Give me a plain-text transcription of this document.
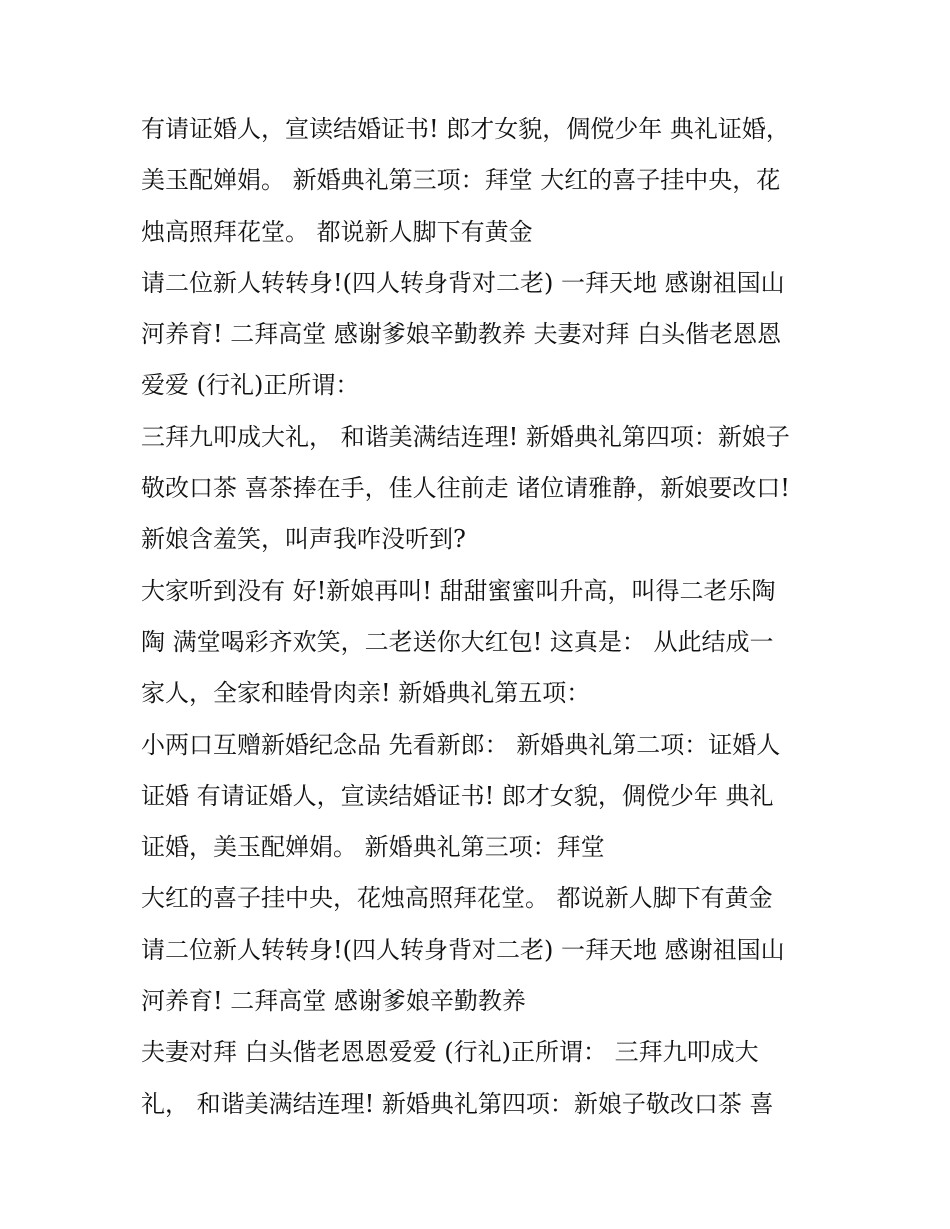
有请证婚人，宣读结婚证书! 郎才女貌，倜傥少年 典礼证婚，
美玉配婵娟。 新婚典礼第三项：拜堂 大红的喜子挂中央，花
烛高照拜花堂。 都说新人脚下有黄金
请二位新人转转身!(四人转身背对二老) 一拜天地 感谢祖国山
河养育! 二拜高堂 感谢爹娘辛勤教养 夫妻对拜 白头偕老恩恩
爱爱 (行礼)正所谓：
三拜九叩成大礼， 和谐美满结连理! 新婚典礼第四项：新娘子
敬改口茶 喜茶捧在手，佳人往前走 诸位请雅静，新娘要改口!
新娘含羞笑，叫声我咋没听到?
大家听到没有 好!新娘再叫! 甜甜蜜蜜叫升高，叫得二老乐陶
陶 满堂喝彩齐欢笑，二老送你大红包! 这真是： 从此结成一
家人，全家和睦骨肉亲! 新婚典礼第五项：
小两口互赠新婚纪念品 先看新郎： 新婚典礼第二项：证婚人
证婚 有请证婚人，宣读结婚证书! 郎才女貌，倜傥少年 典礼
证婚，美玉配婵娟。 新婚典礼第三项：拜堂
大红的喜子挂中央，花烛高照拜花堂。 都说新人脚下有黄金
请二位新人转转身!(四人转身背对二老) 一拜天地 感谢祖国山
河养育! 二拜高堂 感谢爹娘辛勤教养
夫妻对拜 白头偕老恩恩爱爱 (行礼)正所谓： 三拜九叩成大
礼， 和谐美满结连理! 新婚典礼第四项：新娘子敬改口茶 喜
